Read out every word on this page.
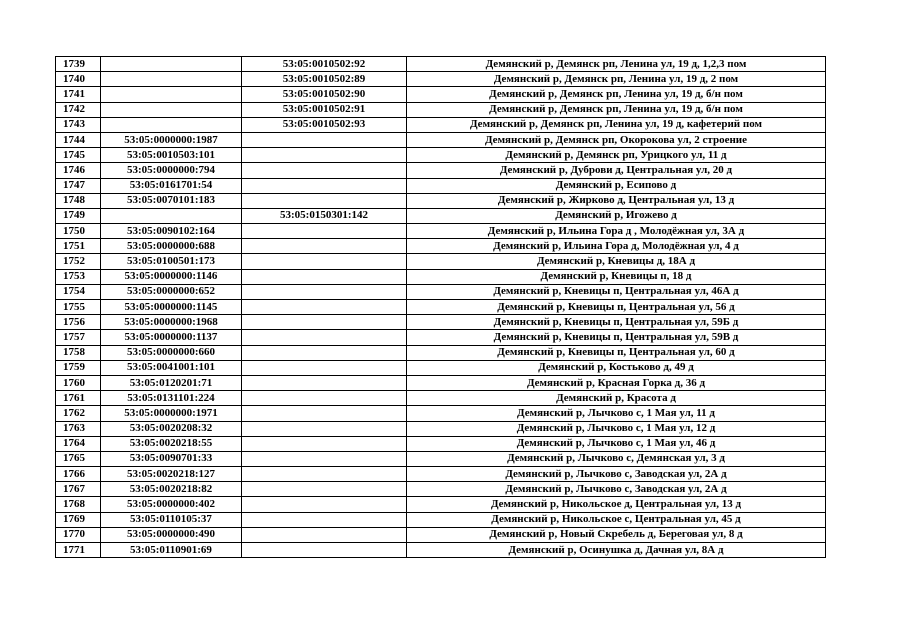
1739		53:05:0010502:92	Демянский р, Демянск рп, Ленина ул, 19 д, 1,2,3 пом
1740		53:05:0010502:89	Демянский р, Демянск рп, Ленина ул, 19 д, 2 пом
1741		53:05:0010502:90	Демянский р, Демянск рп, Ленина ул, 19 д, б/н пом
1742		53:05:0010502:91	Демянский р, Демянск рп, Ленина ул, 19 д, б/н пом
1743		53:05:0010502:93	Демянский р, Демянск рп, Ленина ул, 19 д, кафетерий пом
1744	53:05:0000000:1987		Демянский р, Демянск рп, Окорокова ул, 2 строение
1745	53:05:0010503:101		Демянский р, Демянск рп, Урицкого ул, 11 д
1746	53:05:0000000:794		Демянский р, Дуброви д, Центральная ул, 20 д
1747	53:05:0161701:54		Демянский р, Есипово д
1748	53:05:0070101:183		Демянский р, Жирково д, Центральная ул, 13 д
1749		53:05:0150301:142	Демянский р, Игожево д
1750	53:05:0090102:164		Демянский р, Ильина Гора д , Молодёжная ул, 3А д
1751	53:05:0000000:688		Демянский р, Ильина Гора д, Молодёжная ул, 4 д
1752	53:05:0100501:173		Демянский р, Кневицы д, 18А д
1753	53:05:0000000:1146		Демянский р, Кневицы п, 18 д
1754	53:05:0000000:652		Демянский р, Кневицы п, Центральная ул, 46А д
1755	53:05:0000000:1145		Демянский р, Кневицы п, Центральная ул, 56 д
1756	53:05:0000000:1968		Демянский р, Кневицы п, Центральная ул, 59Б д
1757	53:05:0000000:1137		Демянский р, Кневицы п, Центральная ул, 59В д
1758	53:05:0000000:660		Демянский р, Кневицы п, Центральная ул, 60 д
1759	53:05:0041001:101		Демянский р, Костьково д, 49 д
1760	53:05:0120201:71		Демянский р, Красная Горка д, 36 д
1761	53:05:0131101:224		Демянский р, Красота д
1762	53:05:0000000:1971		Демянский р, Лычково с, 1 Мая ул, 11 д
1763	53:05:0020208:32		Демянский р, Лычково с, 1 Мая ул, 12 д
1764	53:05:0020218:55		Демянский р, Лычково с, 1 Мая ул, 46 д
1765	53:05:0090701:33		Демянский р, Лычково с, Демянская ул, 3 д
1766	53:05:0020218:127		Демянский р, Лычково с, Заводская ул, 2А д
1767	53:05:0020218:82		Демянский р, Лычково с, Заводская ул, 2А д
1768	53:05:0000000:402		Демянский р, Никольское д, Центральная ул, 13 д
1769	53:05:0110105:37		Демянский р, Никольское с, Центральная ул, 45 д
1770	53:05:0000000:490		Демянский р, Новый Скребель д, Береговая ул, 8 д
1771	53:05:0110901:69		Демянский р, Осинушка д, Дачная ул, 8А д
